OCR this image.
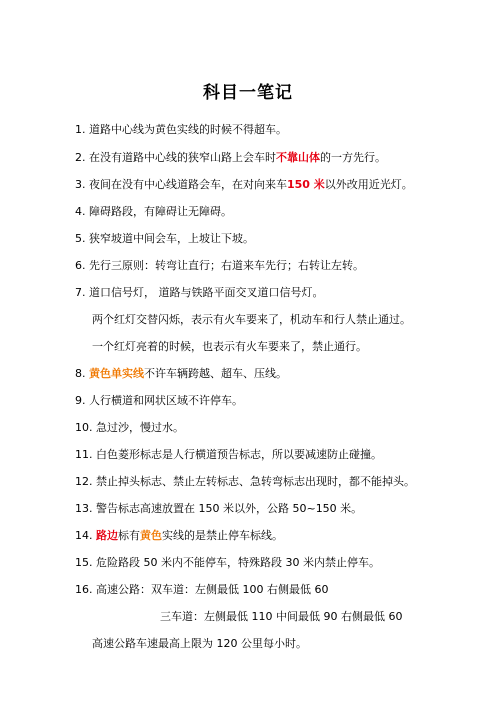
科目一笔记
1. 道路中心线为黄色实线的时候不得超车。
2. 在没有道路中心线的狭窄山路上会车时不靠山体的一方先行。
3. 夜间在没有中心线道路会车，在对向来车150 米以外改用近光灯。
4. 障碍路段，有障碍让无障碍。
5. 狭窄坡道中间会车，上坡让下坡。
6. 先行三原则：转弯让直行；右道来车先行；右转让左转。
7. 道口信号灯， 道路与铁路平面交叉道口信号灯。
两个红灯交替闪烁，表示有火车要来了，机动车和行人禁止通过。
一个红灯亮着的时候，也表示有火车要来了，禁止通行。
8. 黄色单实线不许车辆跨越、超车、压线。
9. 人行横道和网状区域不许停车。
10. 急过沙，慢过水。
11. 白色菱形标志是人行横道预告标志，所以要减速防止碰撞。
12. 禁止掉头标志、禁止左转标志、急转弯标志出现时，都不能掉头。
13. 警告标志高速放置在 150 米以外，公路 50~150 米。
14. 路边标有黄色实线的是禁止停车标线。
15. 危险路段 50 米内不能停车，特殊路段 30 米内禁止停车。
16. 高速公路：双车道：左侧最低 100 右侧最低 60
三车道：左侧最低 110 中间最低 90 右侧最低 60
高速公路车速最高上限为 120 公里每小时。
